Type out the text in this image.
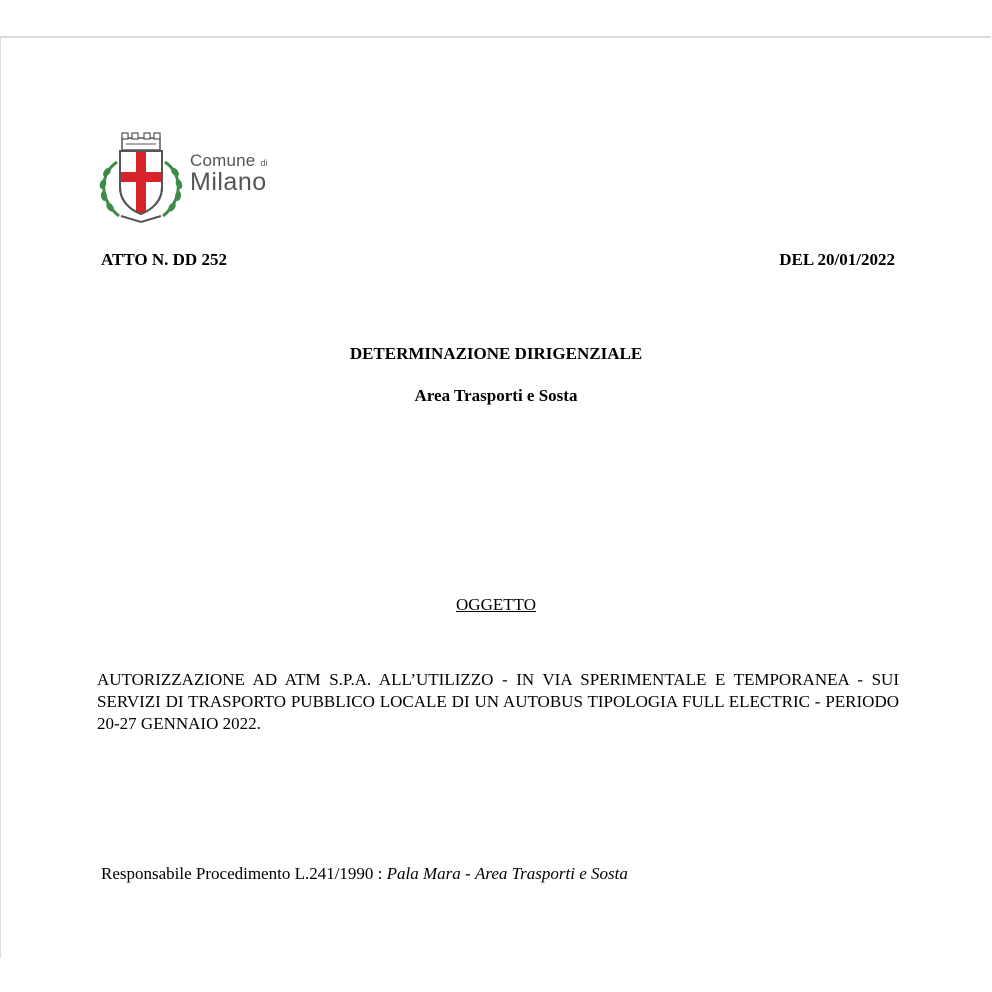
Comune di
Milano
ATTO N. DD 252	DEL 20/01/2022
DETERMINAZIONE DIRIGENZIALE
Area Trasporti e Sosta
OGGETTO
AUTORIZZAZIONE AD ATM S.P.A. ALL’UTILIZZO - IN VIA SPERIMENTALE E TEMPORANEA - SUI SERVIZI DI TRASPORTO PUBBLICO LOCALE DI UN AUTOBUS TIPOLOGIA FULL ELECTRIC - PERIODO 20-27 GENNAIO 2022.
Responsabile Procedimento L.241/1990 : Pala Mara - Area Trasporti e Sosta
